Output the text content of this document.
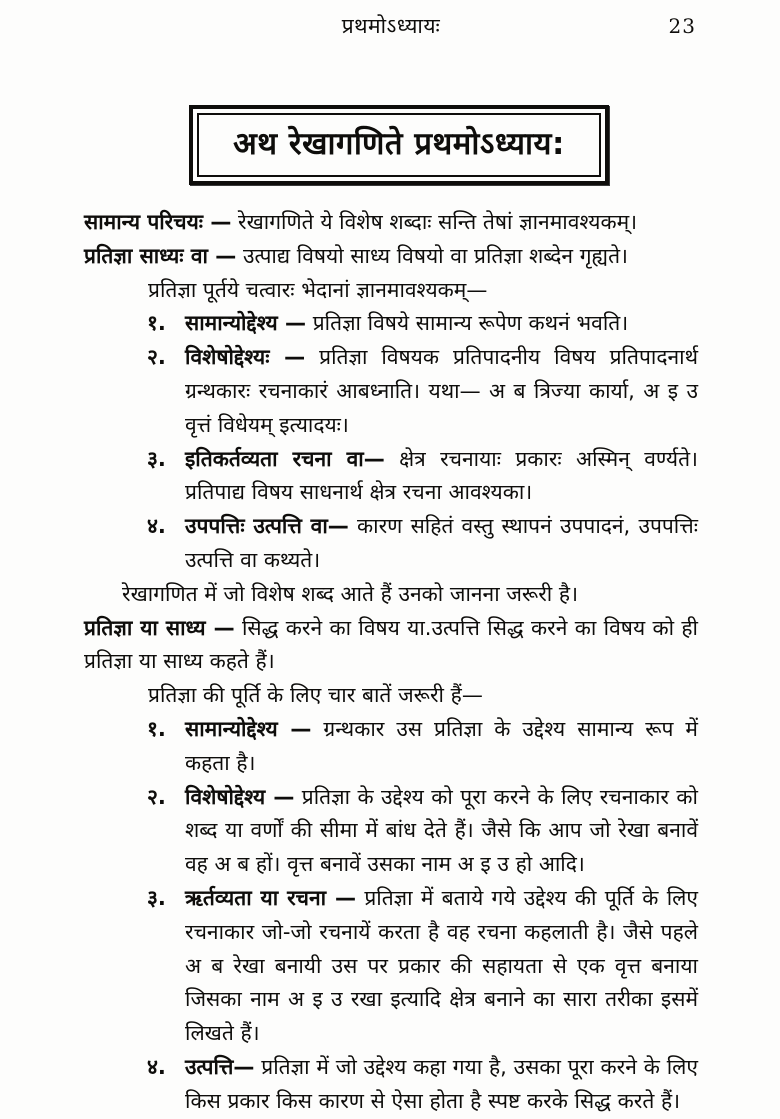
प्रथमोऽध्यायः	23
अथ रेखागणिते प्रथमोऽध्याय:
सामान्य परिचयः — रेखागणिते ये विशेष शब्दाः सन्ति तेषां ज्ञानमावश्यकम्।
प्रतिज्ञा साध्यः वा — उत्पाद्य विषयो साध्य विषयो वा प्रतिज्ञा शब्देन गृह्यते।
प्रतिज्ञा पूर्तये चत्वारः भेदानां ज्ञानमावश्यकम्—
१. सामान्योद्देश्य — प्रतिज्ञा विषये सामान्य रूपेण कथनं भवति।
२. विशेषोद्देश्यः — प्रतिज्ञा विषयक प्रतिपादनीय विषय प्रतिपादनार्थ ग्रन्थकारः रचनाकारं आबध्नाति। यथा— अ ब त्रिज्या कार्या, अ इ उ वृत्तं विधेयम् इत्यादयः।
३. इतिकर्तव्यता रचना वा— क्षेत्र रचनायाः प्रकारः अस्मिन् वर्ण्यते। प्रतिपाद्य विषय साधनार्थ क्षेत्र रचना आवश्यका।
४. उपपत्तिः उत्पत्ति वा— कारण सहितं वस्तु स्थापनं उपपादनं, उपपत्तिः उत्पत्ति वा कथ्यते।
रेखागणित में जो विशेष शब्द आते हैं उनको जानना जरूरी है।
प्रतिज्ञा या साध्य — सिद्ध करने का विषय या.उत्पत्ति सिद्ध करने का विषय को ही प्रतिज्ञा या साध्य कहते हैं।
प्रतिज्ञा की पूर्ति के लिए चार बातें जरूरी हैं—
१. सामान्योद्देश्य — ग्रन्थकार उस प्रतिज्ञा के उद्देश्य सामान्य रूप में कहता है।
२. विशेषोद्देश्य — प्रतिज्ञा के उद्देश्य को पूरा करने के लिए रचनाकार को शब्द या वर्णों की सीमा में बांध देते हैं। जैसे कि आप जो रेखा बनावें वह अ ब हों। वृत्त बनावें उसका नाम अ इ उ हो आदि।
३. ऋर्तव्यता या रचना — प्रतिज्ञा में बताये गये उद्देश्य की पूर्ति के लिए रचनाकार जो-जो रचनायें करता है वह रचना कहलाती है। जैसे पहले अ ब रेखा बनायी उस पर प्रकार की सहायता से एक वृत्त बनाया जिसका नाम अ इ उ रखा इत्यादि क्षेत्र बनाने का सारा तरीका इसमें लिखते हैं।
४. उत्पत्ति— प्रतिज्ञा में जो उद्देश्य कहा गया है, उसका पूरा करने के लिए किस प्रकार किस कारण से ऐसा होता है स्पष्ट करके सिद्ध करते हैं।
